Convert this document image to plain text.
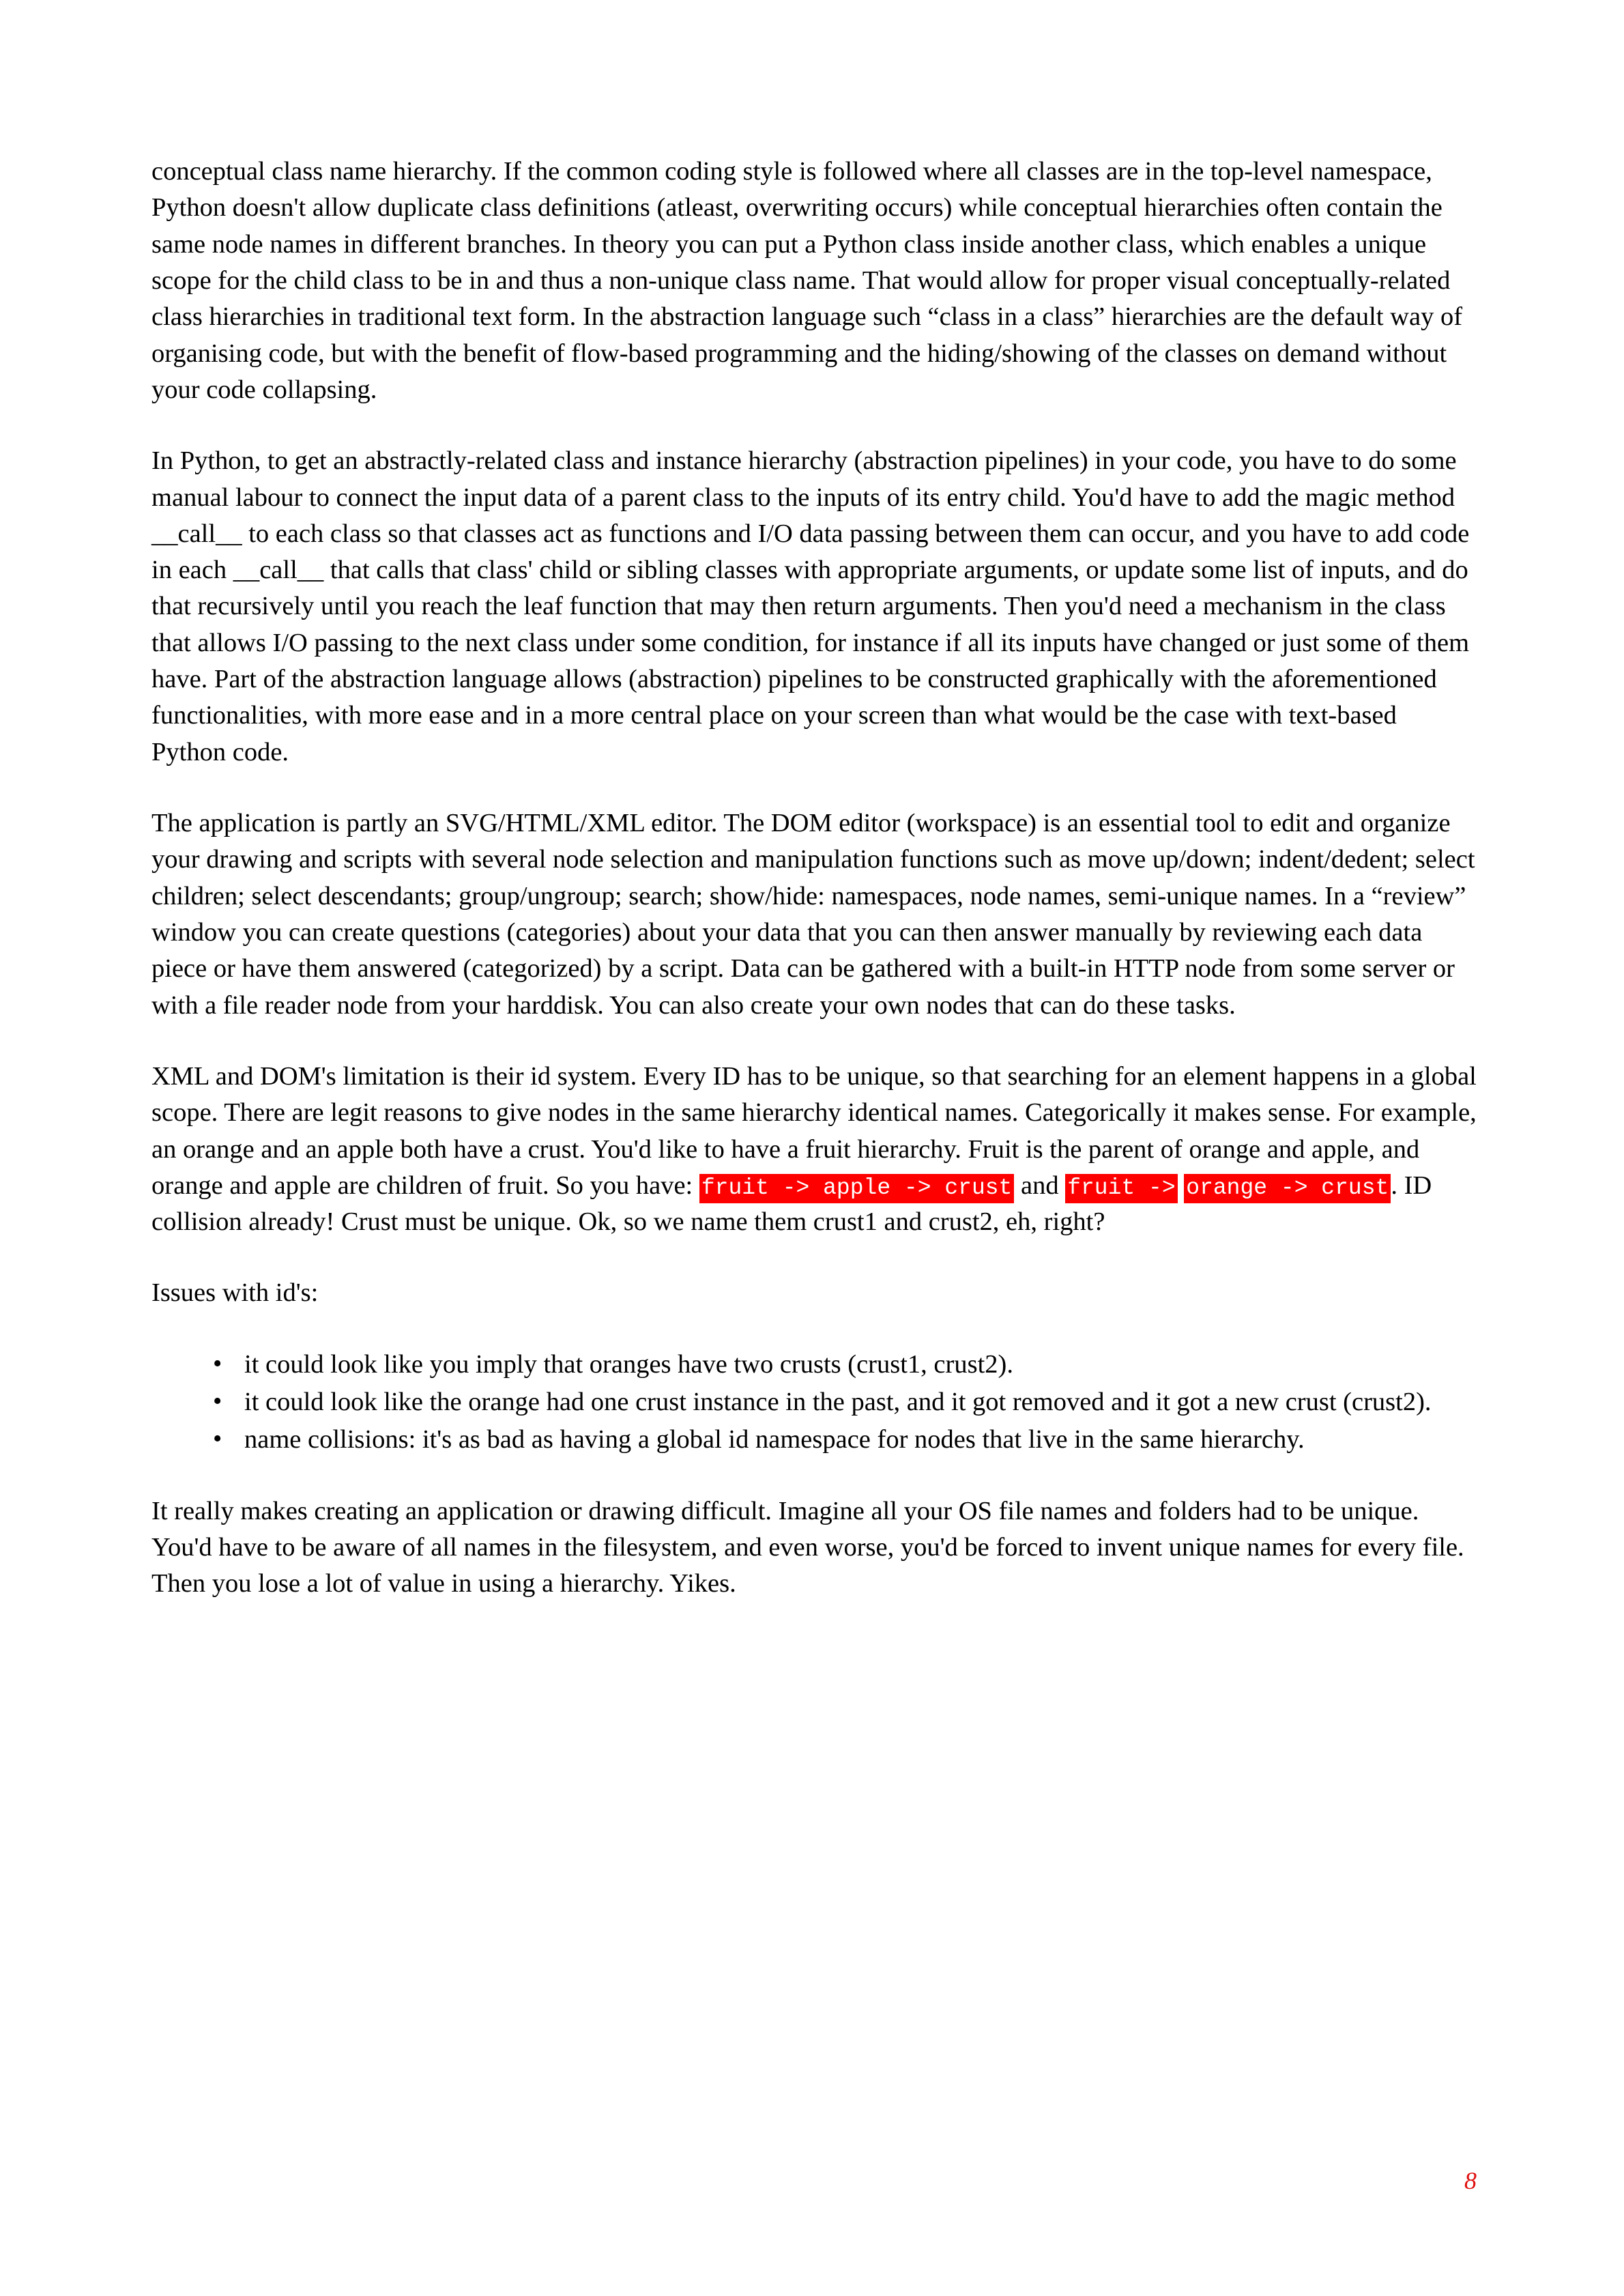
conceptual class name hierarchy. If the common coding style is followed where all classes are in the top-level namespace, Python doesn't allow duplicate class definitions (atleast, overwriting occurs) while conceptual hierarchies often contain the same node names in different branches. In theory you can put a Python class inside another class, which enables a unique scope for the child class to be in and thus a non-unique class name. That would allow for proper visual conceptually-related class hierarchies in traditional text form. In the abstraction language such “class in a class” hierarchies are the default way of organising code, but with the benefit of flow-based programming and the hiding/showing of the classes on demand without your code collapsing.

In Python, to get an abstractly-related class and instance hierarchy (abstraction pipelines) in your code, you have to do some manual labour to connect the input data of a parent class to the inputs of its entry child. You'd have to add the magic method __call__ to each class so that classes act as functions and I/O data passing between them can occur, and you have to add code in each __call__ that calls that class' child or sibling classes with appropriate arguments, or update some list of inputs, and do that recursively until you reach the leaf function that may then return arguments. Then you'd need a mechanism in the class that allows I/O passing to the next class under some condition, for instance if all its inputs have changed or just some of them have. Part of the abstraction language allows (abstraction) pipelines to be constructed graphically with the aforementioned functionalities, with more ease and in a more central place on your screen than what would be the case with text-based Python code.

The application is partly an SVG/HTML/XML editor. The DOM editor (workspace) is an essential tool to edit and organize your drawing and scripts with several node selection and manipulation functions such as move up/down; indent/dedent; select children; select descendants; group/ungroup; search; show/hide: namespaces, node names, semi-unique names. In a “review” window you can create questions (categories) about your data that you can then answer manually by reviewing each data piece or have them answered (categorized) by a script. Data can be gathered with a built-in HTTP node from some server or with a file reader node from your harddisk. You can also create your own nodes that can do these tasks.

XML and DOM's limitation is their id system. Every ID has to be unique, so that searching for an element happens in a global scope. There are legit reasons to give nodes in the same hierarchy identical names. Categorically it makes sense. For example, an orange and an apple both have a crust. You'd like to have a fruit hierarchy. Fruit is the parent of orange and apple, and orange and apple are children of fruit. So you have: fruit -> apple -> crust and fruit -> orange -> crust. ID collision already! Crust must be unique. Ok, so we name them crust1 and crust2, eh, right?

Issues with id's:

• it could look like you imply that oranges have two crusts (crust1, crust2).
• it could look like the orange had one crust instance in the past, and it got removed and it got a new crust (crust2).
• name collisions: it's as bad as having a global id namespace for nodes that live in the same hierarchy.

It really makes creating an application or drawing difficult. Imagine all your OS file names and folders had to be unique. You'd have to be aware of all names in the filesystem, and even worse, you'd be forced to invent unique names for every file. Then you lose a lot of value in using a hierarchy. Yikes.

8
